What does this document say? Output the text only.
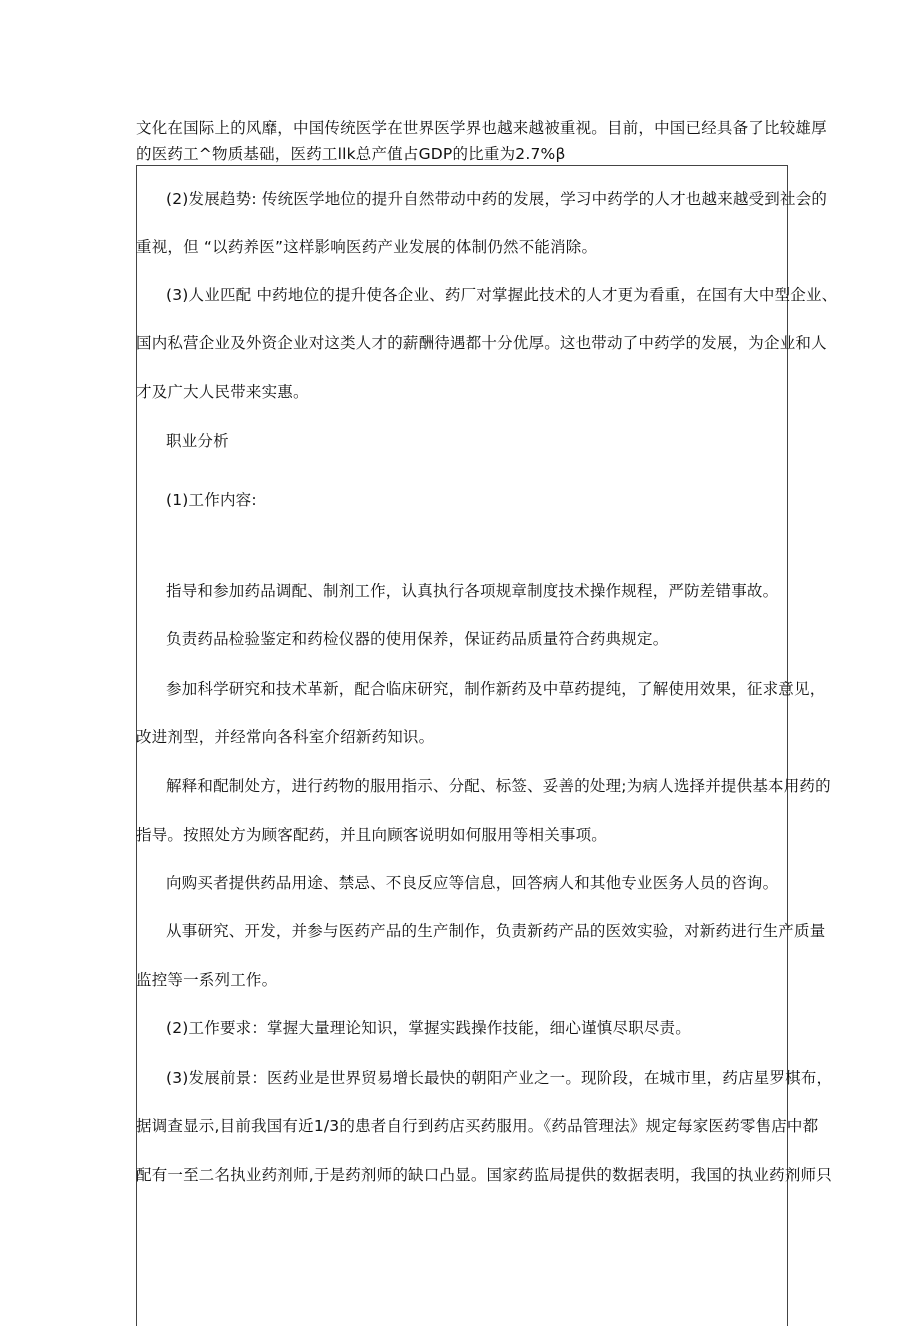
文化在国际上的风靡，中国传统医学在世界医学界也越来越被重视。目前，中国已经具备了比较雄厚
的医药工^物质基础，医药工llk总产值占GDP的比重为2.7%β
(2)发展趋势: 传统医学地位的提升自然带动中药的发展，学习中药学的人才也越来越受到社会的
重视，但 “以药养医”这样影响医药产业发展的体制仍然不能消除。
(3)人业匹配 中药地位的提升使各企业、药厂对掌握此技术的人才更为看重，在国有大中型企业、
国内私营企业及外资企业对这类人才的薪酬待遇都十分优厚。这也带动了中药学的发展，为企业和人
才及广大人民带来实惠。
职业分析
(1)工作内容:
指导和参加药品调配、制剂工作，认真执行各项规章制度技术操作规程，严防差错事故。
负责药品检验鉴定和药检仪器的使用保养，保证药品质量符合药典规定。
参加科学研究和技术革新，配合临床研究，制作新药及中草药提纯，了解使用效果，征求意见，
改进剂型，并经常向各科室介绍新药知识。
解释和配制处方，进行药物的服用指示、分配、标签、妥善的处理;为病人选择并提供基本用药的
指导。按照处方为顾客配药，并且向顾客说明如何服用等相关事项。
向购买者提供药品用途、禁忌、不良反应等信息，回答病人和其他专业医务人员的咨询。
从事研究、开发，并参与医药产品的生产制作，负责新药产品的医效实验，对新药进行生产质量
监控等一系列工作。
(2)工作要求：掌握大量理论知识，掌握实践操作技能，细心谨慎尽职尽责。
(3)发展前景：医药业是世界贸易增长最快的朝阳产业之一。现阶段，在城市里，药店星罗棋布，
据调查显示,目前我国有近1/3的患者自行到药店买药服用。《药品管理法》规定每家医药零售店中都
配有一至二名执业药剂师,于是药剂师的缺口凸显。国家药监局提供的数据表明，我国的执业药剂师只
